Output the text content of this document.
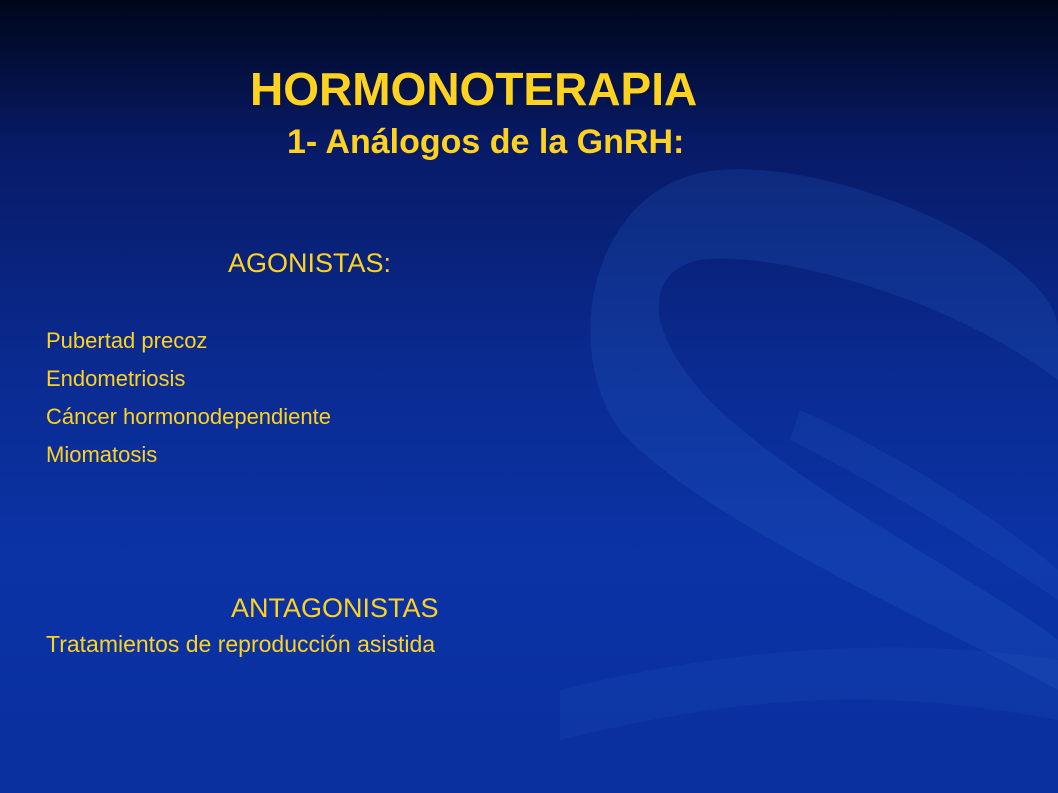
HORMONOTERAPIA
1- Análogos de la GnRH:
AGONISTAS:
Pubertad precoz
Endometriosis
Cáncer hormonodependiente
Miomatosis
ANTAGONISTAS
Tratamientos de reproducción asistida
